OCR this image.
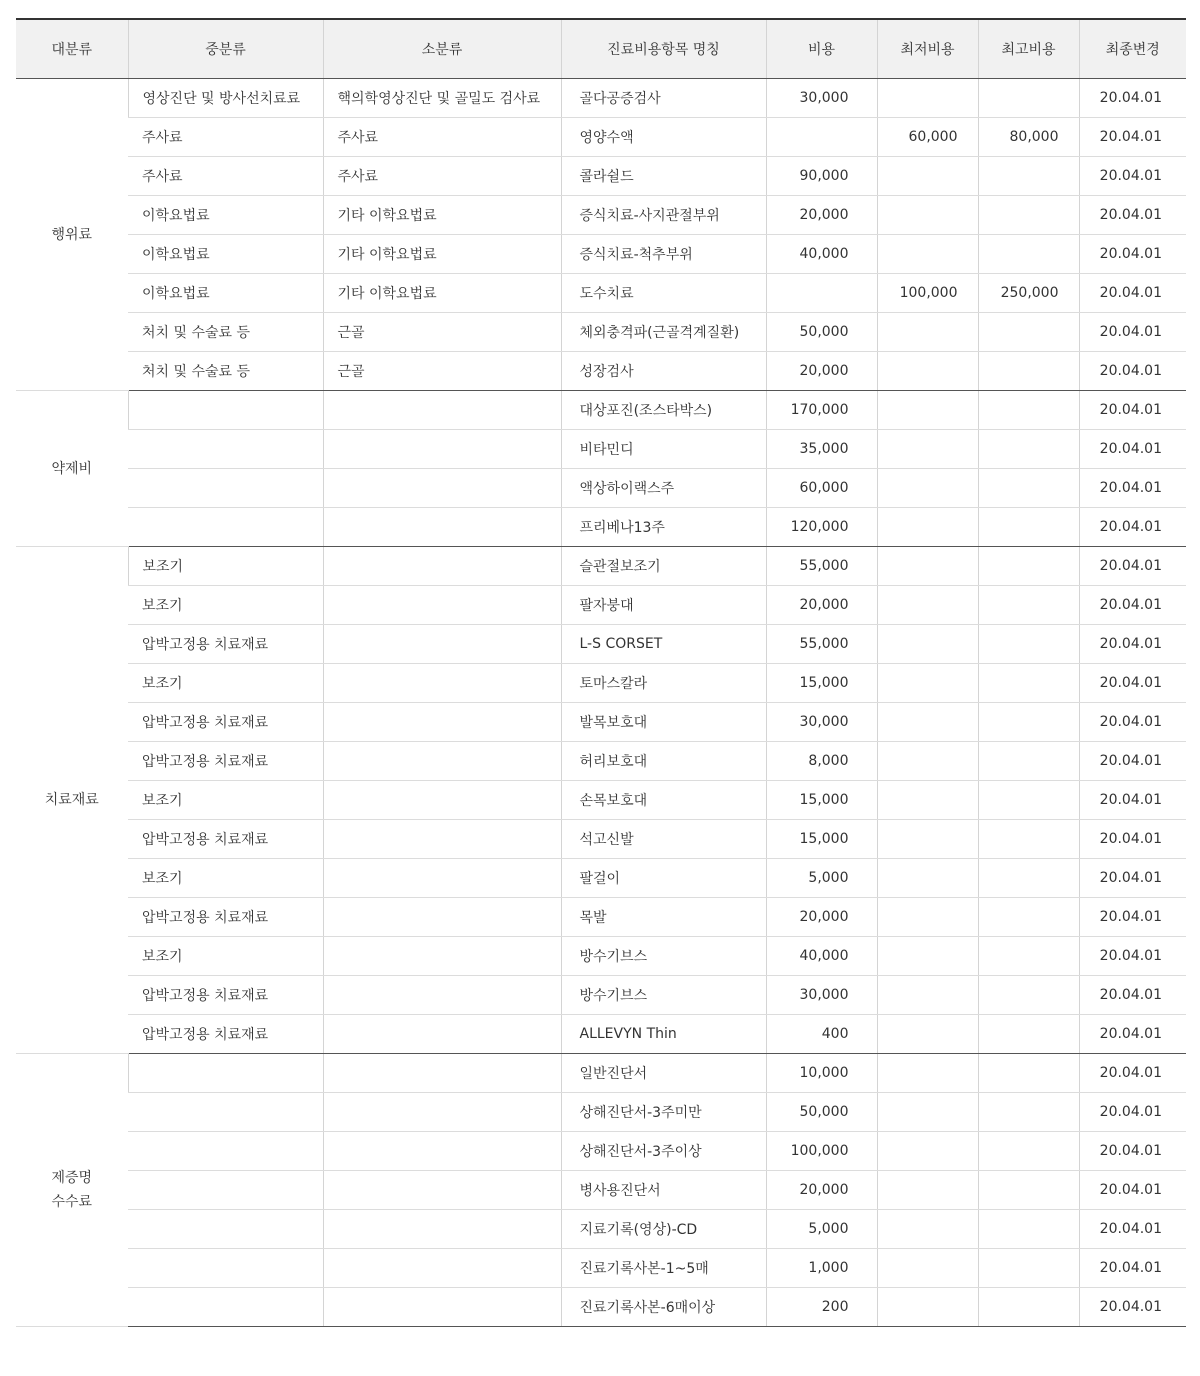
대분류	중분류	소분류	진료비용항목 명칭	비용	최저비용	최고비용	최종변경
행위료	영상진단 및 방사선치료료	핵의학영상진단 및 골밀도 검사료	골다공증검사	30,000			20.04.01
	주사료	주사료	영양수액		60,000	80,000	20.04.01
	주사료	주사료	콜라쉴드	90,000			20.04.01
	이학요법료	기타 이학요법료	증식치료-사지관절부위	20,000			20.04.01
	이학요법료	기타 이학요법료	증식치료-척추부위	40,000			20.04.01
	이학요법료	기타 이학요법료	도수치료		100,000	250,000	20.04.01
	처치 및 수술료 등	근골	체외충격파(근골격계질환)	50,000			20.04.01
	처치 및 수술료 등	근골	성장검사	20,000			20.04.01
약제비			대상포진(조스타박스)	170,000			20.04.01
			비타민디	35,000			20.04.01
			액상하이랙스주	60,000			20.04.01
			프리베나13주	120,000			20.04.01
치료재료	보조기		슬관절보조기	55,000			20.04.01
	보조기		팔자붕대	20,000			20.04.01
	압박고정용 치료재료		L-S CORSET	55,000			20.04.01
	보조기		토마스칼라	15,000			20.04.01
	압박고정용 치료재료		발목보호대	30,000			20.04.01
	압박고정용 치료재료		허리보호대	8,000			20.04.01
	보조기		손목보호대	15,000			20.04.01
	압박고정용 치료재료		석고신발	15,000			20.04.01
	보조기		팔걸이	5,000			20.04.01
	압박고정용 치료재료		목발	20,000			20.04.01
	보조기		방수기브스	40,000			20.04.01
	압박고정용 치료재료		방수기브스	30,000			20.04.01
	압박고정용 치료재료		ALLEVYN Thin	400			20.04.01
제증명
수수료			일반진단서	10,000			20.04.01
			상해진단서-3주미만	50,000			20.04.01
			상해진단서-3주이상	100,000			20.04.01
			병사용진단서	20,000			20.04.01
			지료기록(영상)-CD	5,000			20.04.01
			진료기록사본-1~5매	1,000			20.04.01
			진료기록사본-6매이상	200			20.04.01
